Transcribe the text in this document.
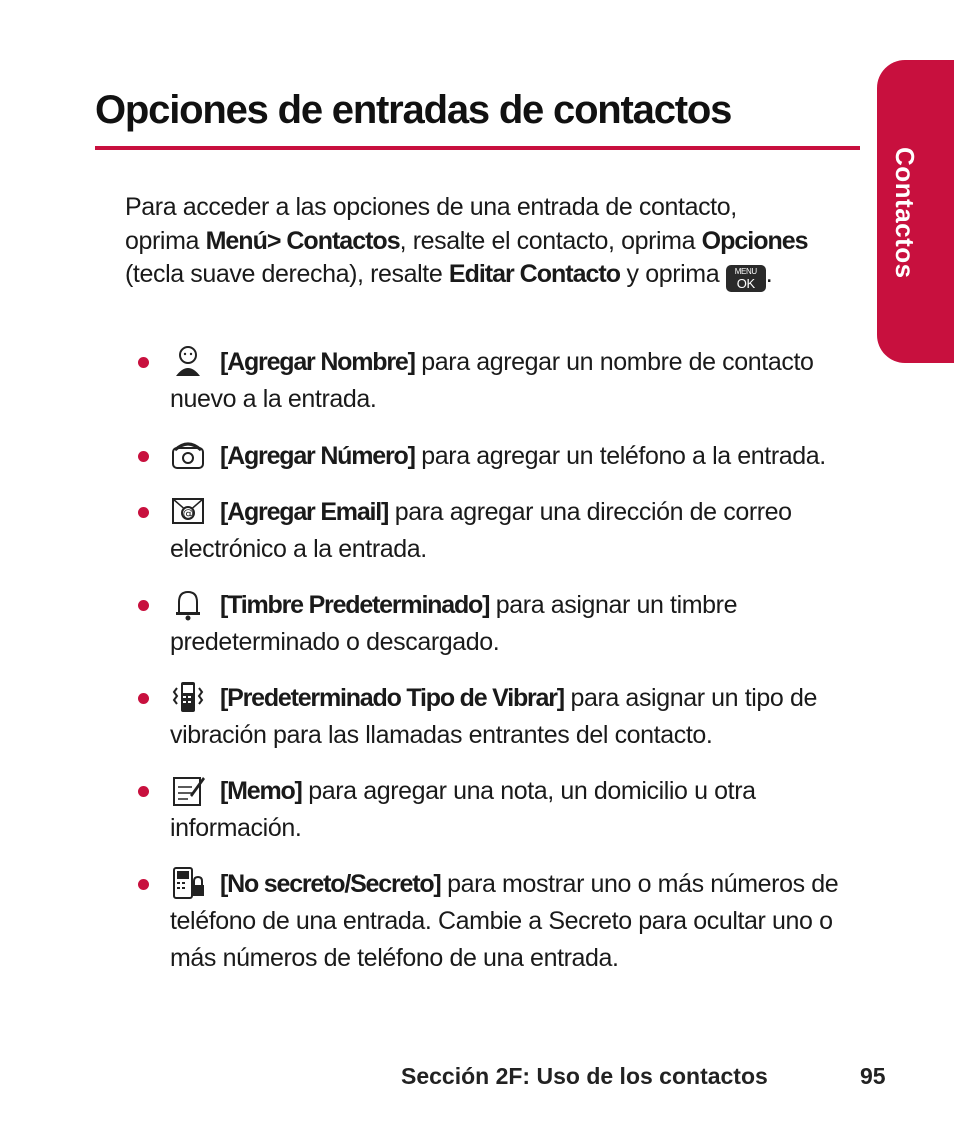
Contactos
Opciones de entradas de contactos

Para acceder a las opciones de una entrada de contacto, oprima Menú> Contactos, resalte el contacto, oprima Opciones (tecla suave derecha), resalte Editar Contacto y oprima	MENU
OK .

[Agregar Nombre] para agregar un nombre de contacto nuevo a la entrada.
[Agregar Número] para agregar un teléfono a la entrada.
@ [Agregar Email] para agregar una dirección de correo electrónico a la entrada.
[Timbre Predeterminado] para asignar un timbre predeterminado o descargado.
[Predeterminado Tipo de Vibrar] para asignar un tipo de vibración para las llamadas entrantes del contacto.
[Memo] para agregar una nota, un domicilio u otra información.
[No secreto/Secreto] para mostrar uno o más números de teléfono de una entrada. Cambie a Secreto para ocultar uno o más números de teléfono de una entrada.
Sección 2F: Uso de los contactos	95
